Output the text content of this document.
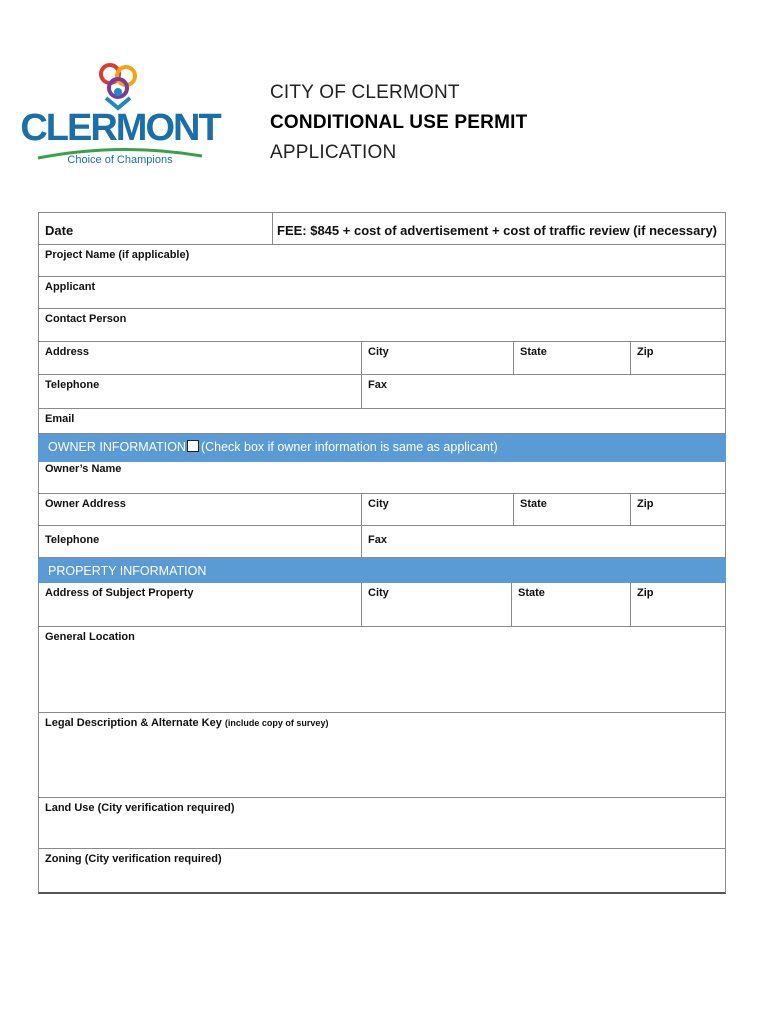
CLERMONT
Choice of Champions
CITY OF CLERMONT
CONDITIONAL USE PERMIT
APPLICATION
Date	FEE: $845 + cost of advertisement + cost of traffic review (if necessary)
Project Name (if applicable)
Applicant
Contact Person
Address	City	State	Zip
Telephone	Fax
Email
OWNER INFORMATION (Check box if owner information is same as applicant)
Owner’s Name
Owner Address	City	State	Zip
Telephone	Fax
PROPERTY INFORMATION
Address of Subject Property	City	State	Zip
General Location
Legal Description & Alternate Key (include copy of survey)
Land Use (City verification required)
Zoning (City verification required)
